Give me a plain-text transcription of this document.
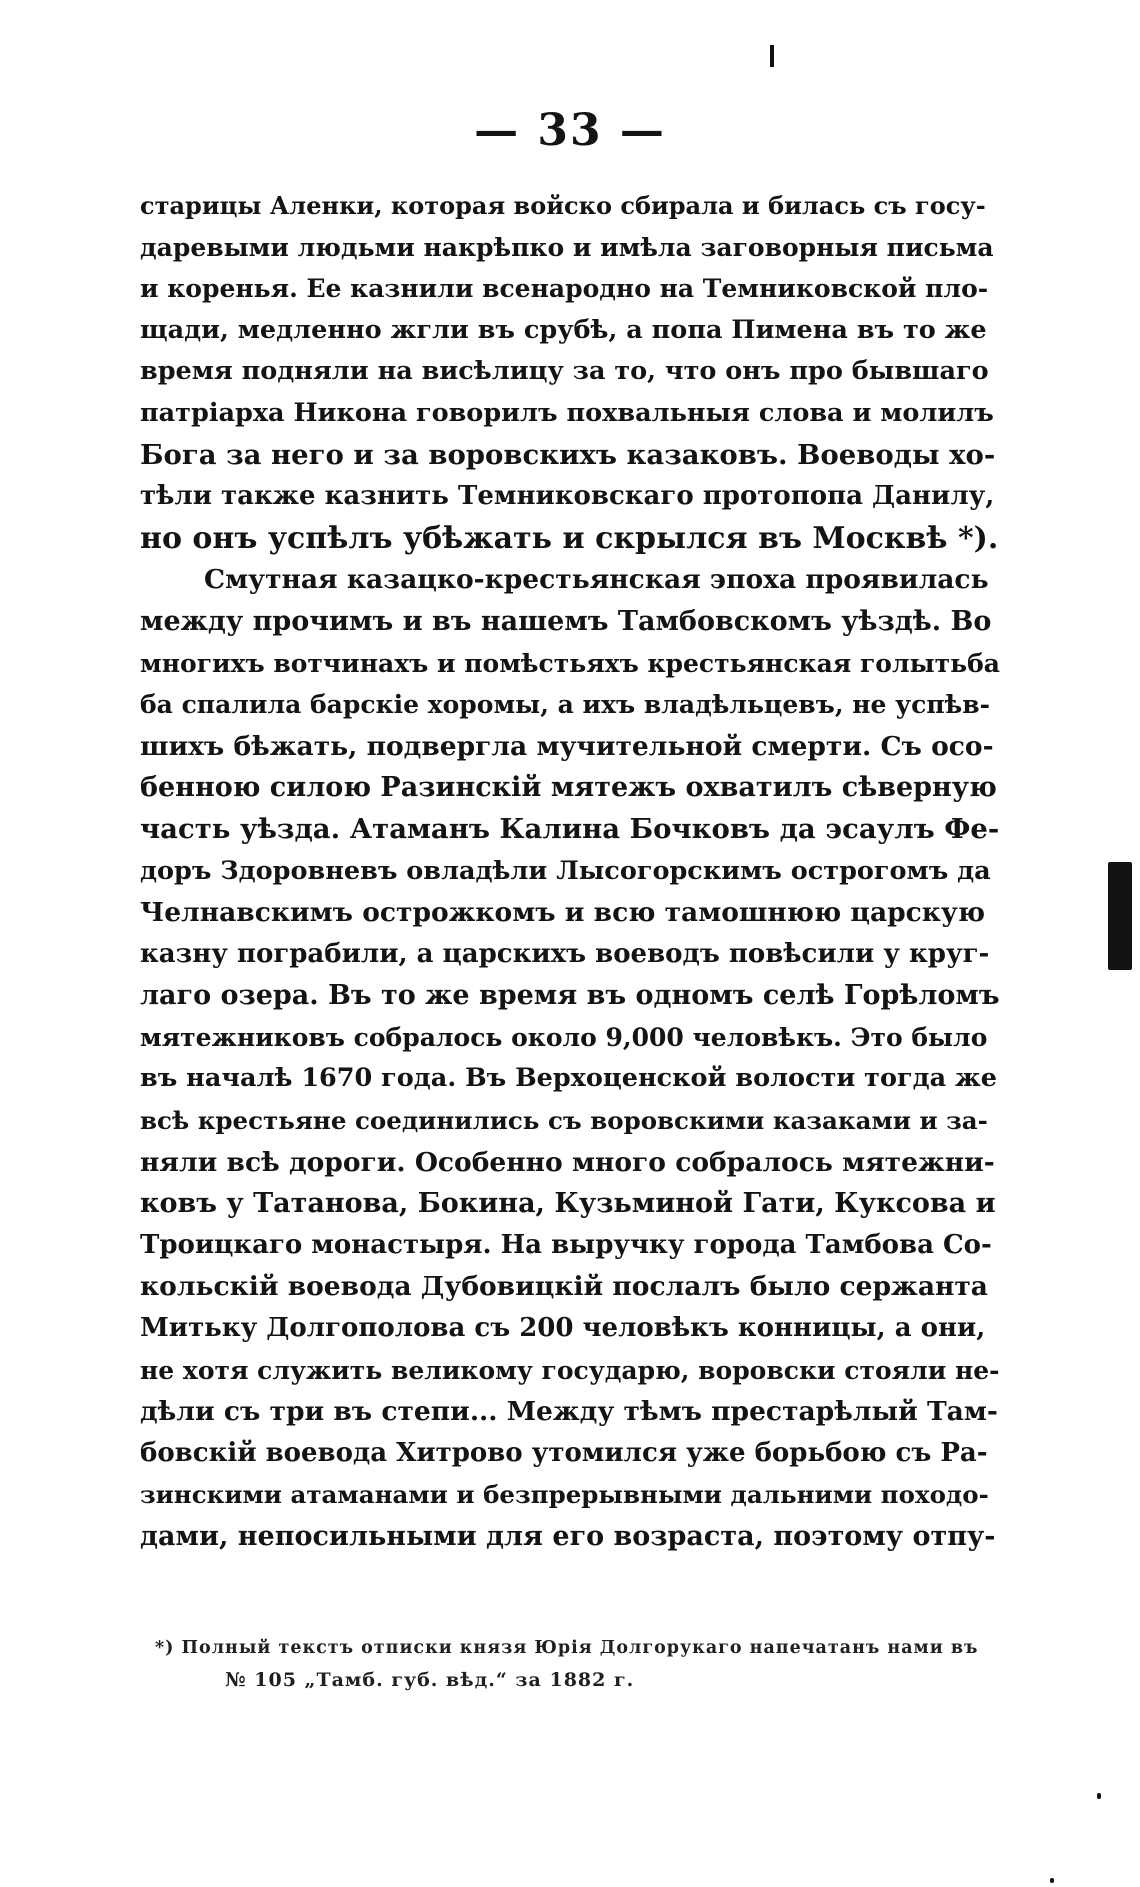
— 33 —
старицы Аленки, которая войско сбирала и билась съ госу-
даревыми людьми накрѣпко и имѣла заговорныя письма
и коренья. Ее казнили всенародно на Темниковской пло-
щади, медленно жгли въ срубѣ, а попа Пимена въ то же
время подняли на висѣлицу за то, что онъ про бывшаго
патріарха Никона говорилъ похвальныя слова и молилъ
Бога за него и за воровскихъ казаковъ. Воеводы хо-
тѣли также казнить Темниковскаго протопопа Данилу,
но онъ успѣлъ убѣжать и скрылся въ Москвѣ *).
Смутная казацко-крестьянская эпоха проявилась
между прочимъ и въ нашемъ Тамбовскомъ уѣздѣ. Во
многихъ вотчинахъ и помѣстьяхъ крестьянская голытьба
ба спалила барскіе хоромы, а ихъ владѣльцевъ, не успѣв-
шихъ бѣжать, подвергла мучительной смерти. Съ осо-
бенною силою Разинскій мятежъ охватилъ сѣверную
часть уѣзда. Атаманъ Калина Бочковъ да эсаулъ Фе-
доръ Здоровневъ овладѣли Лысогорскимъ острогомъ да
Челнавскимъ острожкомъ и всю тамошнюю царскую
казну пограбили, а царскихъ воеводъ повѣсили у круг-
лаго озера. Въ то же время въ одномъ селѣ Горѣломъ
мятежниковъ собралось около 9,000 человѣкъ. Это было
въ началѣ 1670 года. Въ Верхоценской волости тогда же
всѣ крестьяне соединились съ воровскими казаками и за-
няли всѣ дороги. Особенно много собралось мятежни-
ковъ у Татанова, Бокина, Кузьминой Гати, Куксова и
Троицкаго монастыря. На выручку города Тамбова Со-
кольскій воевода Дубовицкій послалъ было сержанта
Митьку Долгополова съ 200 человѣкъ конницы, а они,
не хотя служить великому государю, воровски стояли не-
дѣли съ три въ степи... Между тѣмъ престарѣлый Там-
бовскій воевода Хитрово утомился уже борьбою съ Ра-
зинскими атаманами и безпрерывными дальними походо-
дами, непосильными для его возраста, поэтому отпу-
*) Полный текстъ отписки князя Юрія Долгорукаго напечатанъ нами въ
№ 105 „Тамб. губ. вѣд.“ за 1882 г.
